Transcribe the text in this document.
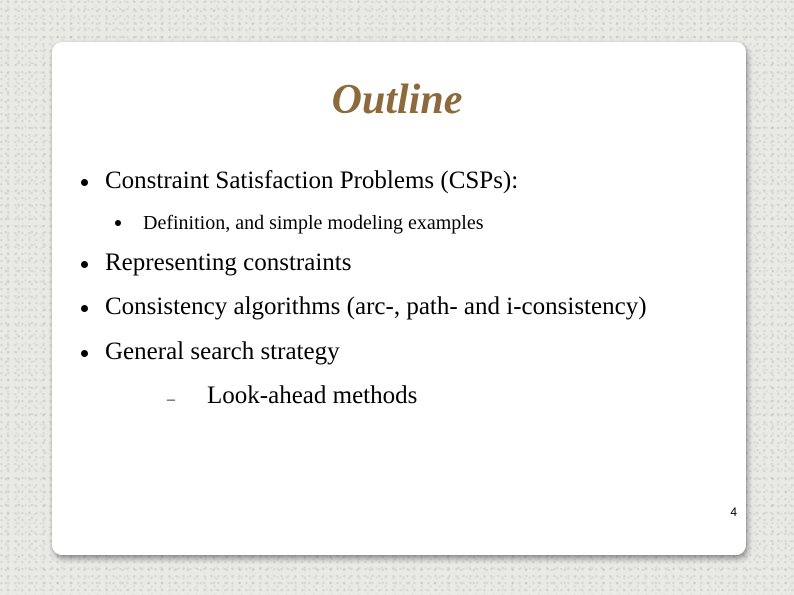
Outline
Constraint Satisfaction Problems (CSPs):
Definition, and simple modeling examples
Representing constraints
Consistency algorithms (arc-, path- and i-consistency)
General search strategy
– Look-ahead methods
4
